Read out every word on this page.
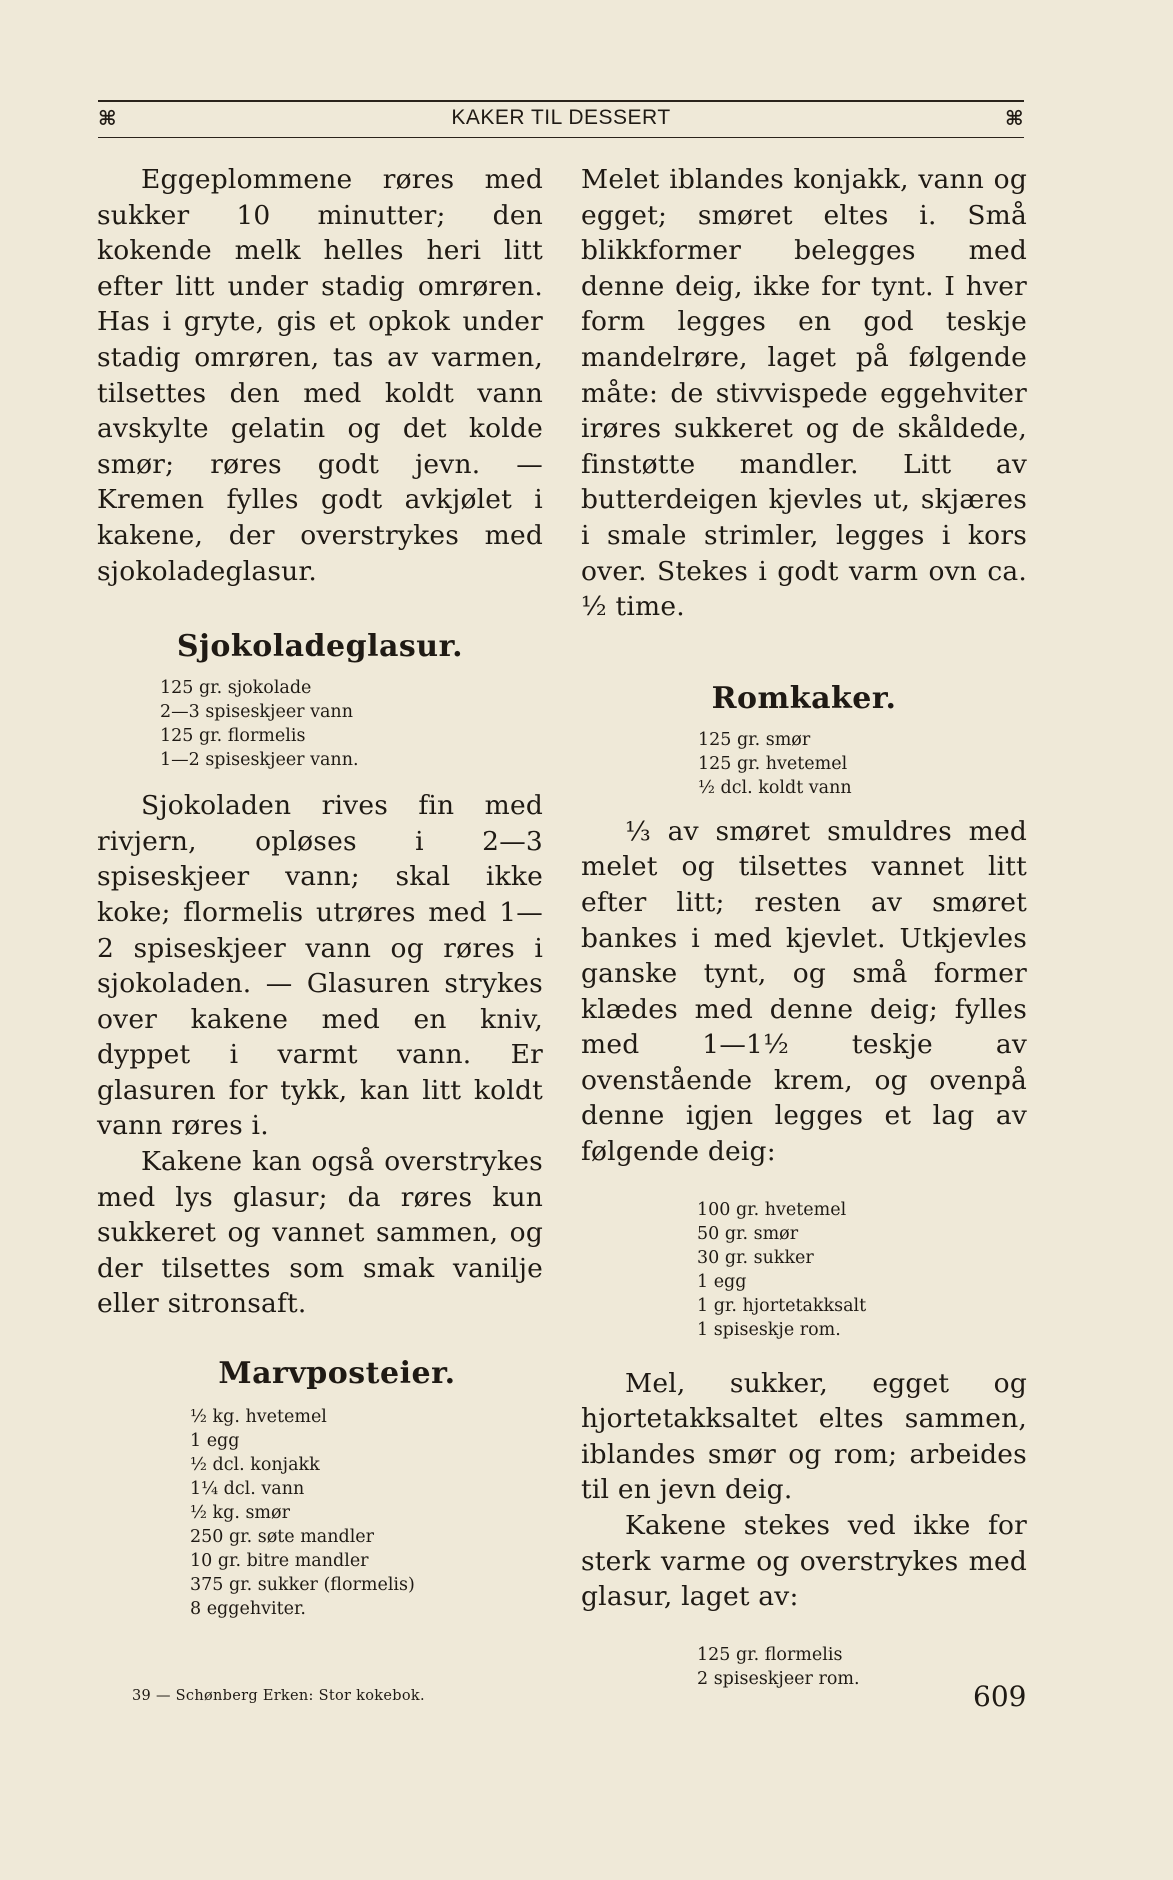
⌘	KAKER TIL DESSERT	⌘

Eggeplommene røres med sukker 10 minutter; den kokende melk helles heri litt efter litt under stadig omrøren. Has i gryte, gis et opkok under stadig omrøren, tas av varmen, tilsettes den med koldt vann avskylte gelatin og det kolde smør; røres godt jevn. — Kremen fylles godt avkjølet i kakene, der overstrykes med sjokoladeglasur.

Sjokoladeglasur.
125 gr. sjokolade
2—3 spiseskjeer vann
125 gr. flormelis
1—2 spiseskjeer vann.

Sjokoladen rives fin med rivjern, opløses i 2—3 spiseskjeer vann; skal ikke koke; flormelis utrøres med 1—2 spiseskjeer vann og røres i sjokoladen. — Glasuren strykes over kakene med en kniv, dyppet i varmt vann. Er glasuren for tykk, kan litt koldt vann røres i.

Kakene kan også overstrykes med lys glasur; da røres kun sukkeret og vannet sammen, og der tilsettes som smak vanilje eller sitronsaft.

Marvposteier.
½ kg. hvetemel
1 egg
½ dcl. konjakk
1¼ dcl. vann
½ kg. smør
250 gr. søte mandler
10 gr. bitre mandler
375 gr. sukker (flormelis)
8 eggehviter.

Melet iblandes konjakk, vann og egget; smøret eltes i. Små blikkformer belegges med denne deig, ikke for tynt. I hver form legges en god teskje mandelrøre, laget på følgende måte: de stivvispede eggehviter irøres sukkeret og de skåldede, finstøtte mandler. Litt av butterdeigen kjevles ut, skjæres i smale strimler, legges i kors over. Stekes i godt varm ovn ca. ½ time.

Romkaker.
125 gr. smør
125 gr. hvetemel
½ dcl. koldt vann

⅓ av smøret smuldres med melet og tilsettes vannet litt efter litt; resten av smøret bankes i med kjevlet. Utkjevles ganske tynt, og små former klædes med denne deig; fylles med 1—1½ teskje av ovenstående krem, og ovenpå denne igjen legges et lag av følgende deig:

100 gr. hvetemel
50 gr. smør
30 gr. sukker
1 egg
1 gr. hjortetakksalt
1 spiseskje rom.

Mel, sukker, egget og hjortetakksaltet eltes sammen, iblandes smør og rom; arbeides til en jevn deig.

Kakene stekes ved ikke for sterk varme og overstrykes med glasur, laget av:

125 gr. flormelis
2 spiseskjeer rom.
39 — Schønberg Erken: Stor kokebok.	609
